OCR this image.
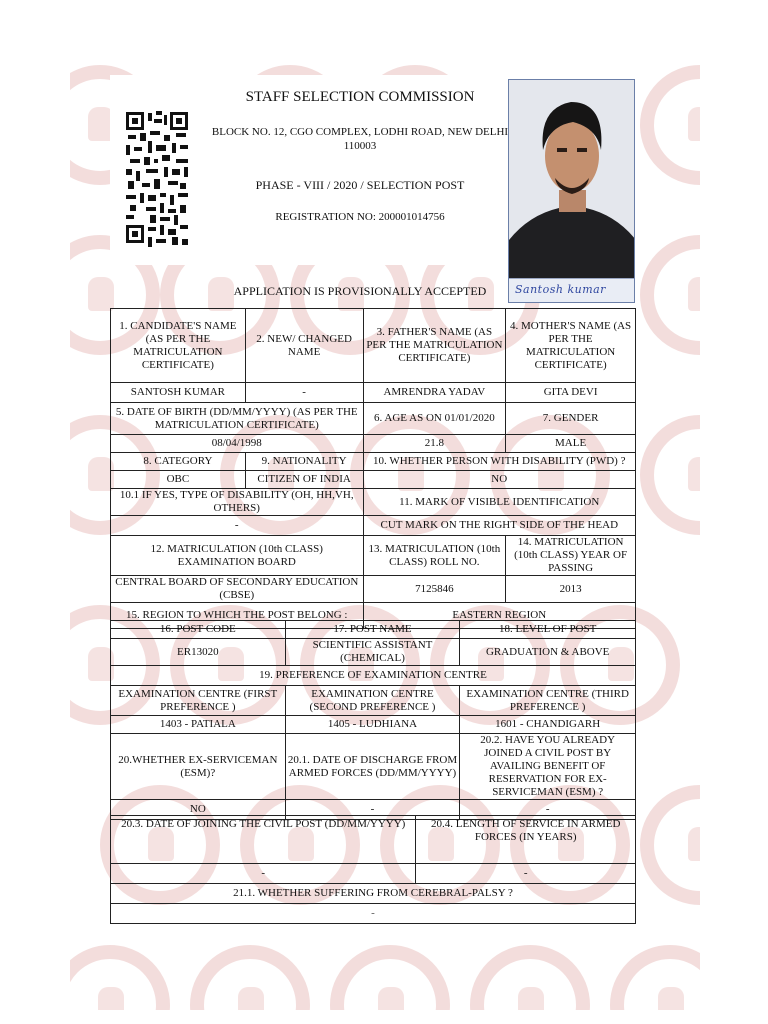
STAFF SELECTION COMMISSION
BLOCK NO. 12, CGO COMPLEX, LODHI ROAD, NEW DELHI 110003
PHASE - VIII / 2020 / SELECTION POST
REGISTRATION NO: 200001014756
APPLICATION IS PROVISIONALLY ACCEPTED	Santosh kumar
1. CANDIDATE'S NAME (AS PER THE MATRICULATION CERTIFICATE)	2. NEW/ CHANGED NAME	3. FATHER'S NAME (AS PER THE MATRICULATION CERTIFICATE)	4. MOTHER'S NAME (AS PER THE MATRICULATION CERTIFICATE)
SANTOSH KUMAR	-	AMRENDRA YADAV	GITA DEVI
5. DATE OF BIRTH (DD/MM/YYYY) (AS PER THE MATRICULATION CERTIFICATE)		6. AGE AS ON 01/01/2020	7. GENDER
08/04/1998		21.8	MALE
8. CATEGORY	9. NATIONALITY	10. WHETHER PERSON WITH DISABILITY (PWD) ?	
OBC	CITIZEN OF INDIA	NO	
10.1 IF YES, TYPE OF DISABILITY (OH, HH,VH, OTHERS)		11. MARK OF VISIBLE IDENTIFICATION	
-		CUT MARK ON THE RIGHT SIDE OF THE HEAD	
12. MATRICULATION (10th CLASS) EXAMINATION BOARD		13. MATRICULATION (10th CLASS) ROLL NO.	14. MATRICULATION (10th CLASS) YEAR OF PASSING
CENTRAL BOARD OF SECONDARY EDUCATION (CBSE)		7125846	2013
15. REGION TO WHICH THE POST BELONG :		EASTERN REGION	
16. POST CODE	17. POST NAME	18. LEVEL OF POST
ER13020	SCIENTIFIC ASSISTANT (CHEMICAL)	GRADUATION & ABOVE
19. PREFERENCE OF EXAMINATION CENTRE		
EXAMINATION CENTRE (FIRST PREFERENCE )	EXAMINATION CENTRE (SECOND PREFERENCE )	EXAMINATION CENTRE (THIRD PREFERENCE )
1403 - PATIALA	1405 - LUDHIANA	1601 - CHANDIGARH
20.WHETHER EX-SERVICEMAN (ESM)?	20.1. DATE OF DISCHARGE FROM ARMED FORCES (DD/MM/YYYY)	20.2. HAVE YOU ALREADY JOINED A CIVIL POST BY AVAILING BENEFIT OF RESERVATION FOR EX-SERVICEMAN (ESM) ?
NO	-	-
20.3. DATE OF JOINING THE CIVIL POST (DD/MM/YYYY)	20.4. LENGTH OF SERVICE IN ARMED FORCES (IN YEARS)
-	-
21.1. WHETHER SUFFERING FROM CEREBRAL-PALSY ?	
-	
